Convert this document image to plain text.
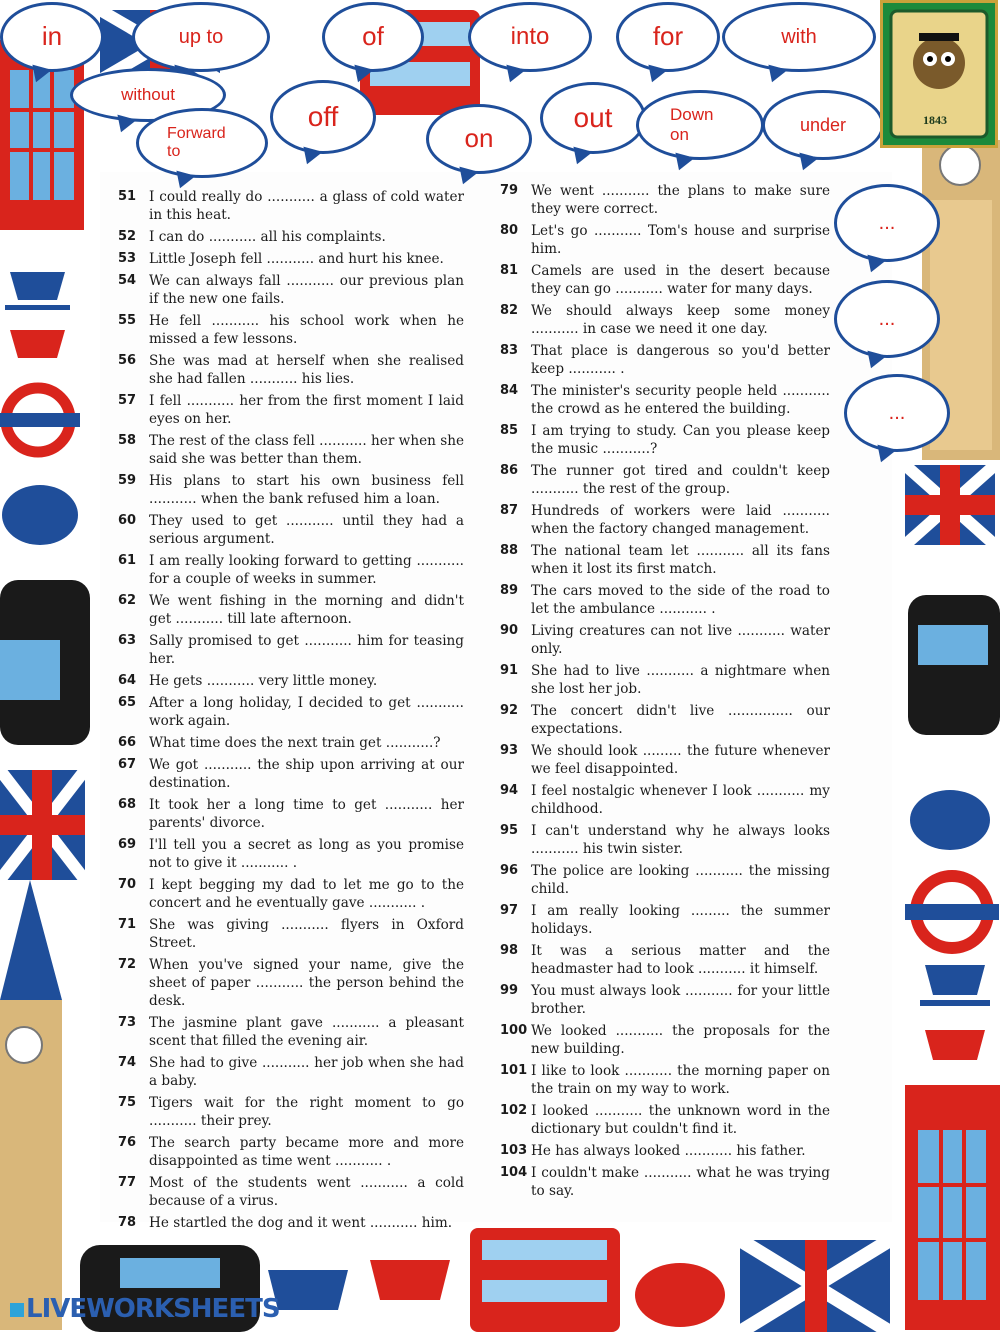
1843
in	up to	of	into	for	with
without
Forward to
off
on
out	Down on	under
...
...
...
51 I could really do ........... a glass of cold water in this heat.
52 I can do ........... all his complaints.
53 Little Joseph fell ........... and hurt his knee.
54 We can always fall ........... our previous plan if the new one fails.
55 He fell ........... his school work when he missed a few lessons.
56 She was mad at herself when she realised she had fallen ........... his lies.
57 I fell ........... her from the first moment I laid eyes on her.
58 The rest of the class fell ........... her when she said she was better than them.
59 His plans to start his own business fell ........... when the bank refused him a loan.
60 They used to get ........... until they had a serious argument.
61 I am really looking forward to getting ........... for a couple of weeks in summer.
62 We went fishing in the morning and didn't get ........... till late afternoon.
63 Sally promised to get ........... him for teasing her.
64 He gets ........... very little money.
65 After a long holiday, I decided to get ........... work again.
66 What time does the next train get ...........?
67 We got ........... the ship upon arriving at our destination.
68 It took her a long time to get ........... her parents' divorce.
69 I'll tell you a secret as long as you promise not to give it ........... .
70 I kept begging my dad to let me go to the concert and he eventually gave ........... .
71 She was giving ........... flyers in Oxford Street.
72 When you've signed your name, give the sheet of paper ........... the person behind the desk.
73 The jasmine plant gave ........... a pleasant scent that filled the evening air.
74 She had to give ........... her job when she had a baby.
75 Tigers wait for the right moment to go ........... their prey.
76 The search party became more and more disappointed as time went ........... .
77 Most of the students went ........... a cold because of a virus.
78 He startled the dog and it went ........... him.
79 We went ........... the plans to make sure they were correct.
80 Let's go ........... Tom's house and surprise him.
81 Camels are used in the desert because they can go ........... water for many days.
82 We should always keep some money ........... in case we need it one day.
83 That place is dangerous so you'd better keep ........... .
84 The minister's security people held ........... the crowd as he entered the building.
85 I am trying to study. Can you please keep the music ...........?
86 The runner got tired and couldn't keep ........... the rest of the group.
87 Hundreds of workers were laid ........... when the factory changed management.
88 The national team let ........... all its fans when it lost its first match.
89 The cars moved to the side of the road to let the ambulance ........... .
90 Living creatures can not live ........... water only.
91 She had to live ........... a nightmare when she lost her job.
92 The concert didn't live ............... our expectations.
93 We should look ......... the future whenever we feel disappointed.
94 I feel nostalgic whenever I look ........... my childhood.
95 I can't understand why he always looks ........... his twin sister.
96 The police are looking ........... the missing child.
97 I am really looking ......... the summer holidays.
98 It was a serious matter and the headmaster had to look ........... it himself.
99 You must always look ........... for your little brother.
100 We looked ........... the proposals for the new building.
101 I like to look ........... the morning paper on the train on my way to work.
102 I looked ........... the unknown word in the dictionary but couldn't find it.
103 He has always looked ........... his father.
104 I couldn't make ........... what he was trying to say.
LIVEWORKSHEETS
